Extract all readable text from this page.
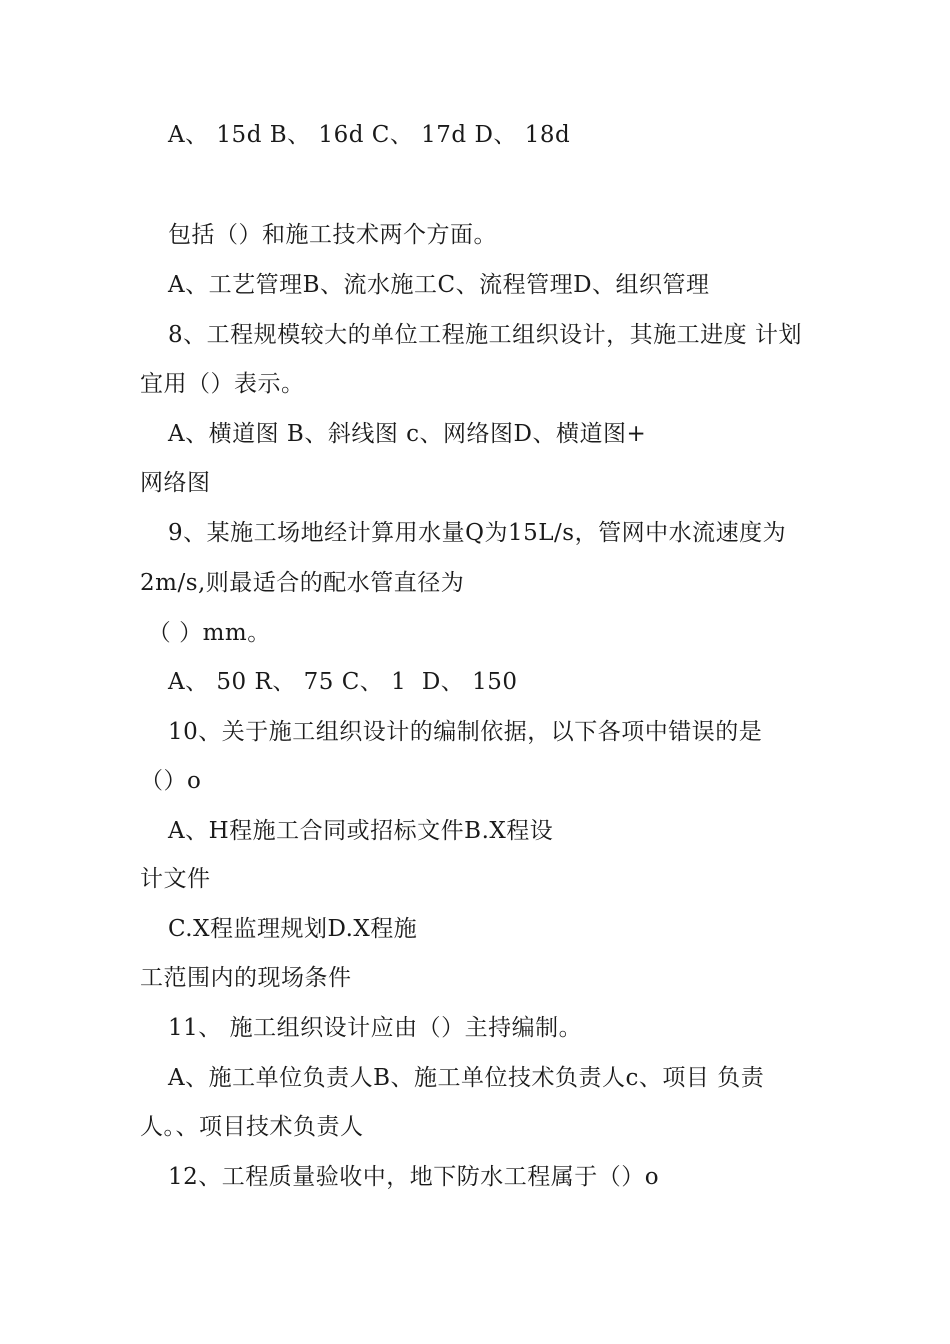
A、 15d B、 16d C、 17d D、 18d
包括（）和施工技术两个方面。
A、工艺管理B、流水施工C、流程管理D、组织管理
8、工程规模较大的单位工程施工组织设计，其施工进度 计划
宜用（）表示。
A、横道图 B、斜线图 c、网络图D、横道图+
网络图
9、某施工场地经计算用水量Q为15L/s，管网中水流速度为
2m/s,则最适合的配水管直径为
（ ）mm。
A、 50 R、 75 C、 1  D、 150
10、关于施工组织设计的编制依据，以下各项中错误的是
（）o
A、H程施工合同或招标文件B.X程设
计文件
C.X程监理规划D.X程施
工范围内的现场条件
11、 施工组织设计应由（）主持编制。
A、施工单位负责人B、施工单位技术负责人c、项目 负责
人。、项目技术负责人
12、工程质量验收中，地下防水工程属于（）o
